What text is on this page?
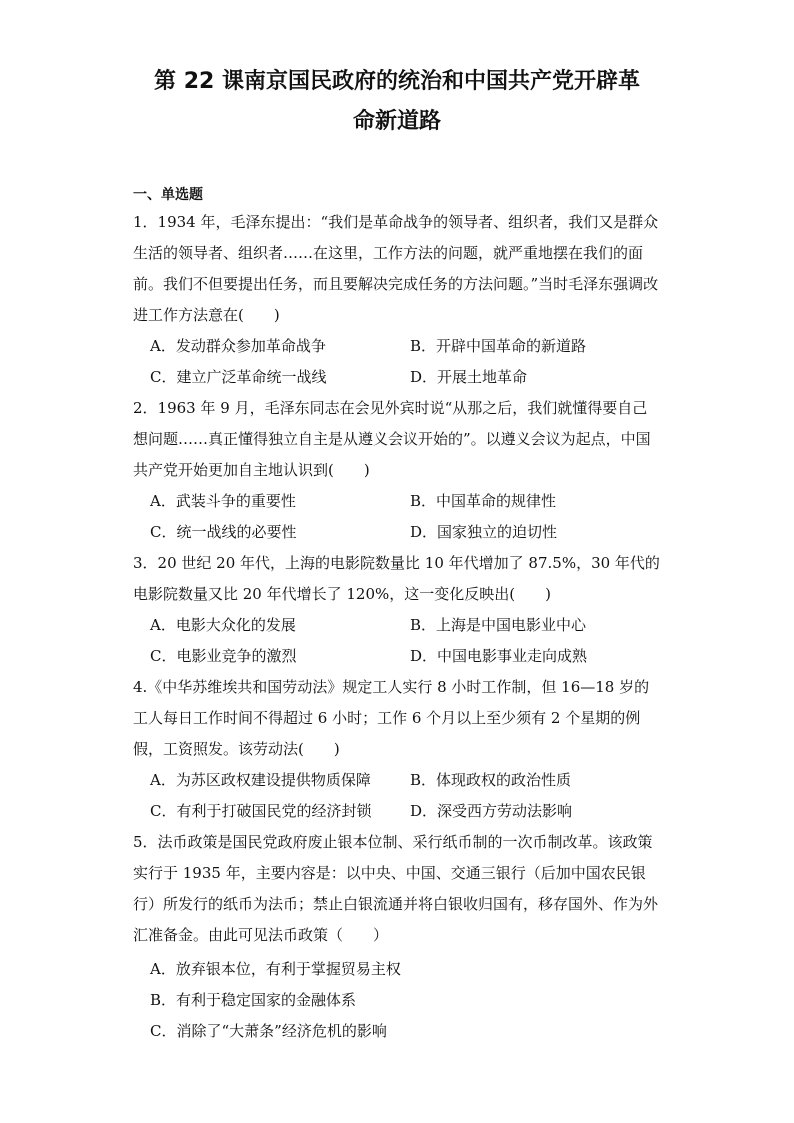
第 22 课南京国民政府的统治和中国共产党开辟革
命新道路
一、单选题
1．1934 年，毛泽东提出：“我们是革命战争的领导者、组织者，我们又是群众生活的领导者、组织者……在这里，工作方法的问题，就严重地摆在我们的面前。我们不但要提出任务，而且要解决完成任务的方法问题。”当时毛泽东强调改进工作方法意在(　　)
A．发动群众参加革命战争	B．开辟中国革命的新道路
C．建立广泛革命统一战线	D．开展土地革命
2．1963 年 9 月，毛泽东同志在会见外宾时说“从那之后，我们就懂得要自己想问题……真正懂得独立自主是从遵义会议开始的”。以遵义会议为起点，中国共产党开始更加自主地认识到(　　)
A．武装斗争的重要性	B．中国革命的规律性
C．统一战线的必要性	D．国家独立的迫切性
3．20 世纪 20 年代，上海的电影院数量比 10 年代增加了 87.5%，30 年代的电影院数量又比 20 年代增长了 120%，这一变化反映出(　　)
A．电影大众化的发展	B．上海是中国电影业中心
C．电影业竞争的激烈	D．中国电影事业走向成熟
4.《中华苏维埃共和国劳动法》规定工人实行 8 小时工作制，但 16—18 岁的工人每日工作时间不得超过 6 小时；工作 6 个月以上至少须有 2 个星期的例假，工资照发。该劳动法(　　)
A．为苏区政权建设提供物质保障	B．体现政权的政治性质
C．有利于打破国民党的经济封锁	D．深受西方劳动法影响
5．法币政策是国民党政府废止银本位制、采行纸币制的一次币制改革。该政策实行于 1935 年，主要内容是：以中央、中国、交通三银行（后加中国农民银行）所发行的纸币为法币；禁止白银流通并将白银收归国有，移存国外、作为外汇准备金。由此可见法币政策（　　）
A．放弃银本位，有利于掌握贸易主权
B．有利于稳定国家的金融体系
C．消除了“大萧条”经济危机的影响
